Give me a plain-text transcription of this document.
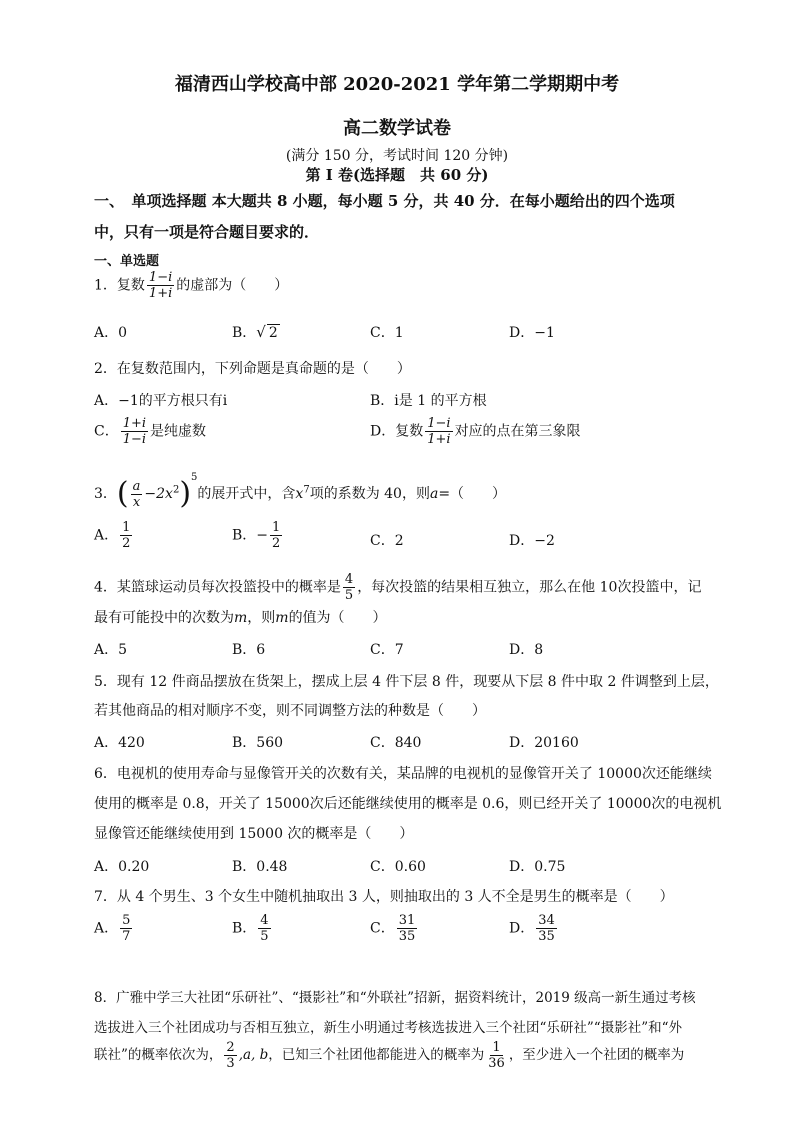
福清西山学校高中部 2020-2021 学年第二学期期中考
高二数学试卷
(满分 150 分，考试时间 120 分钟)
第 I 卷(选择题　共 60 分)
一、　单项选择题 本大题共 8 小题，每小题 5 分，共 40 分．在每小题给出的四个选项
中，只有一项是符合题目要求的．
一、单选题
1．复数 $\frac{1-i}{1+i}$ 的虚部为（　　）
A．0	B．√ 2	C．1	D．−1
2．在复数范围内，下列命题是真命题的是（　　）
A．−1的平方根只有i	B．i是 1 的平方根
C． $\frac{1+i}{1-i}$ 是纯虚数	D．复数 $\frac{1-i}{1+i}$ 对应的点在第三象限
3．( $\frac{a}{x} -2x^2)^5$的展开式中，含$x^7$项的系数为 40，则a=（　　）
A． $\frac{1}{2}$	B．− $\frac{1}{2}$	C．2	D．−2
4．某篮球运动员每次投篮投中的概率是 $\frac{4}{5}$ ，每次投篮的结果相互独立，那么在他 10次投篮中，记
最有可能投中的次数为m，则m的值为（　　）
A．5	B．6	C．7	D．8
5．现有 12 件商品摆放在货架上，摆成上层 4 件下层 8 件，现要从下层 8 件中取 2 件调整到上层，
若其他商品的相对顺序不变，则不同调整方法的种数是（　　）
A．420	B．560	C．840	D．20160
6．电视机的使用寿命与显像管开关的次数有关，某品牌的电视机的显像管开关了 10000次还能继续
使用的概率是 0.8，开关了 15000次后还能继续使用的概率是 0.6，则已经开关了 10000次的电视机
显像管还能继续使用到 15000 次的概率是（　　）
A．0.20	B．0.48	C．0.60	D．0.75
7．从 4 个男生、3 个女生中随机抽取出 3 人，则抽取出的 3 人不全是男生的概率是（　　）
A． $\frac{5}{7}$	B． $\frac{4}{5}$	C． $\frac{31}{35}$	D． $\frac{34}{35}$
8．广雅中学三大社团“乐研社”、“摄影社”和“外联社”招新，据资料统计，2019 级高一新生通过考核
选拔进入三个社团成功与否相互独立，新生小明通过考核选拔进入三个社团“乐研社”“摄影社”和“外
联社”的概率依次为， $\frac{2}{3} ,a$, b，已知三个社团他都能进入的概率为 $\frac{1}{36}$ ，至少进入一个社团的概率为
